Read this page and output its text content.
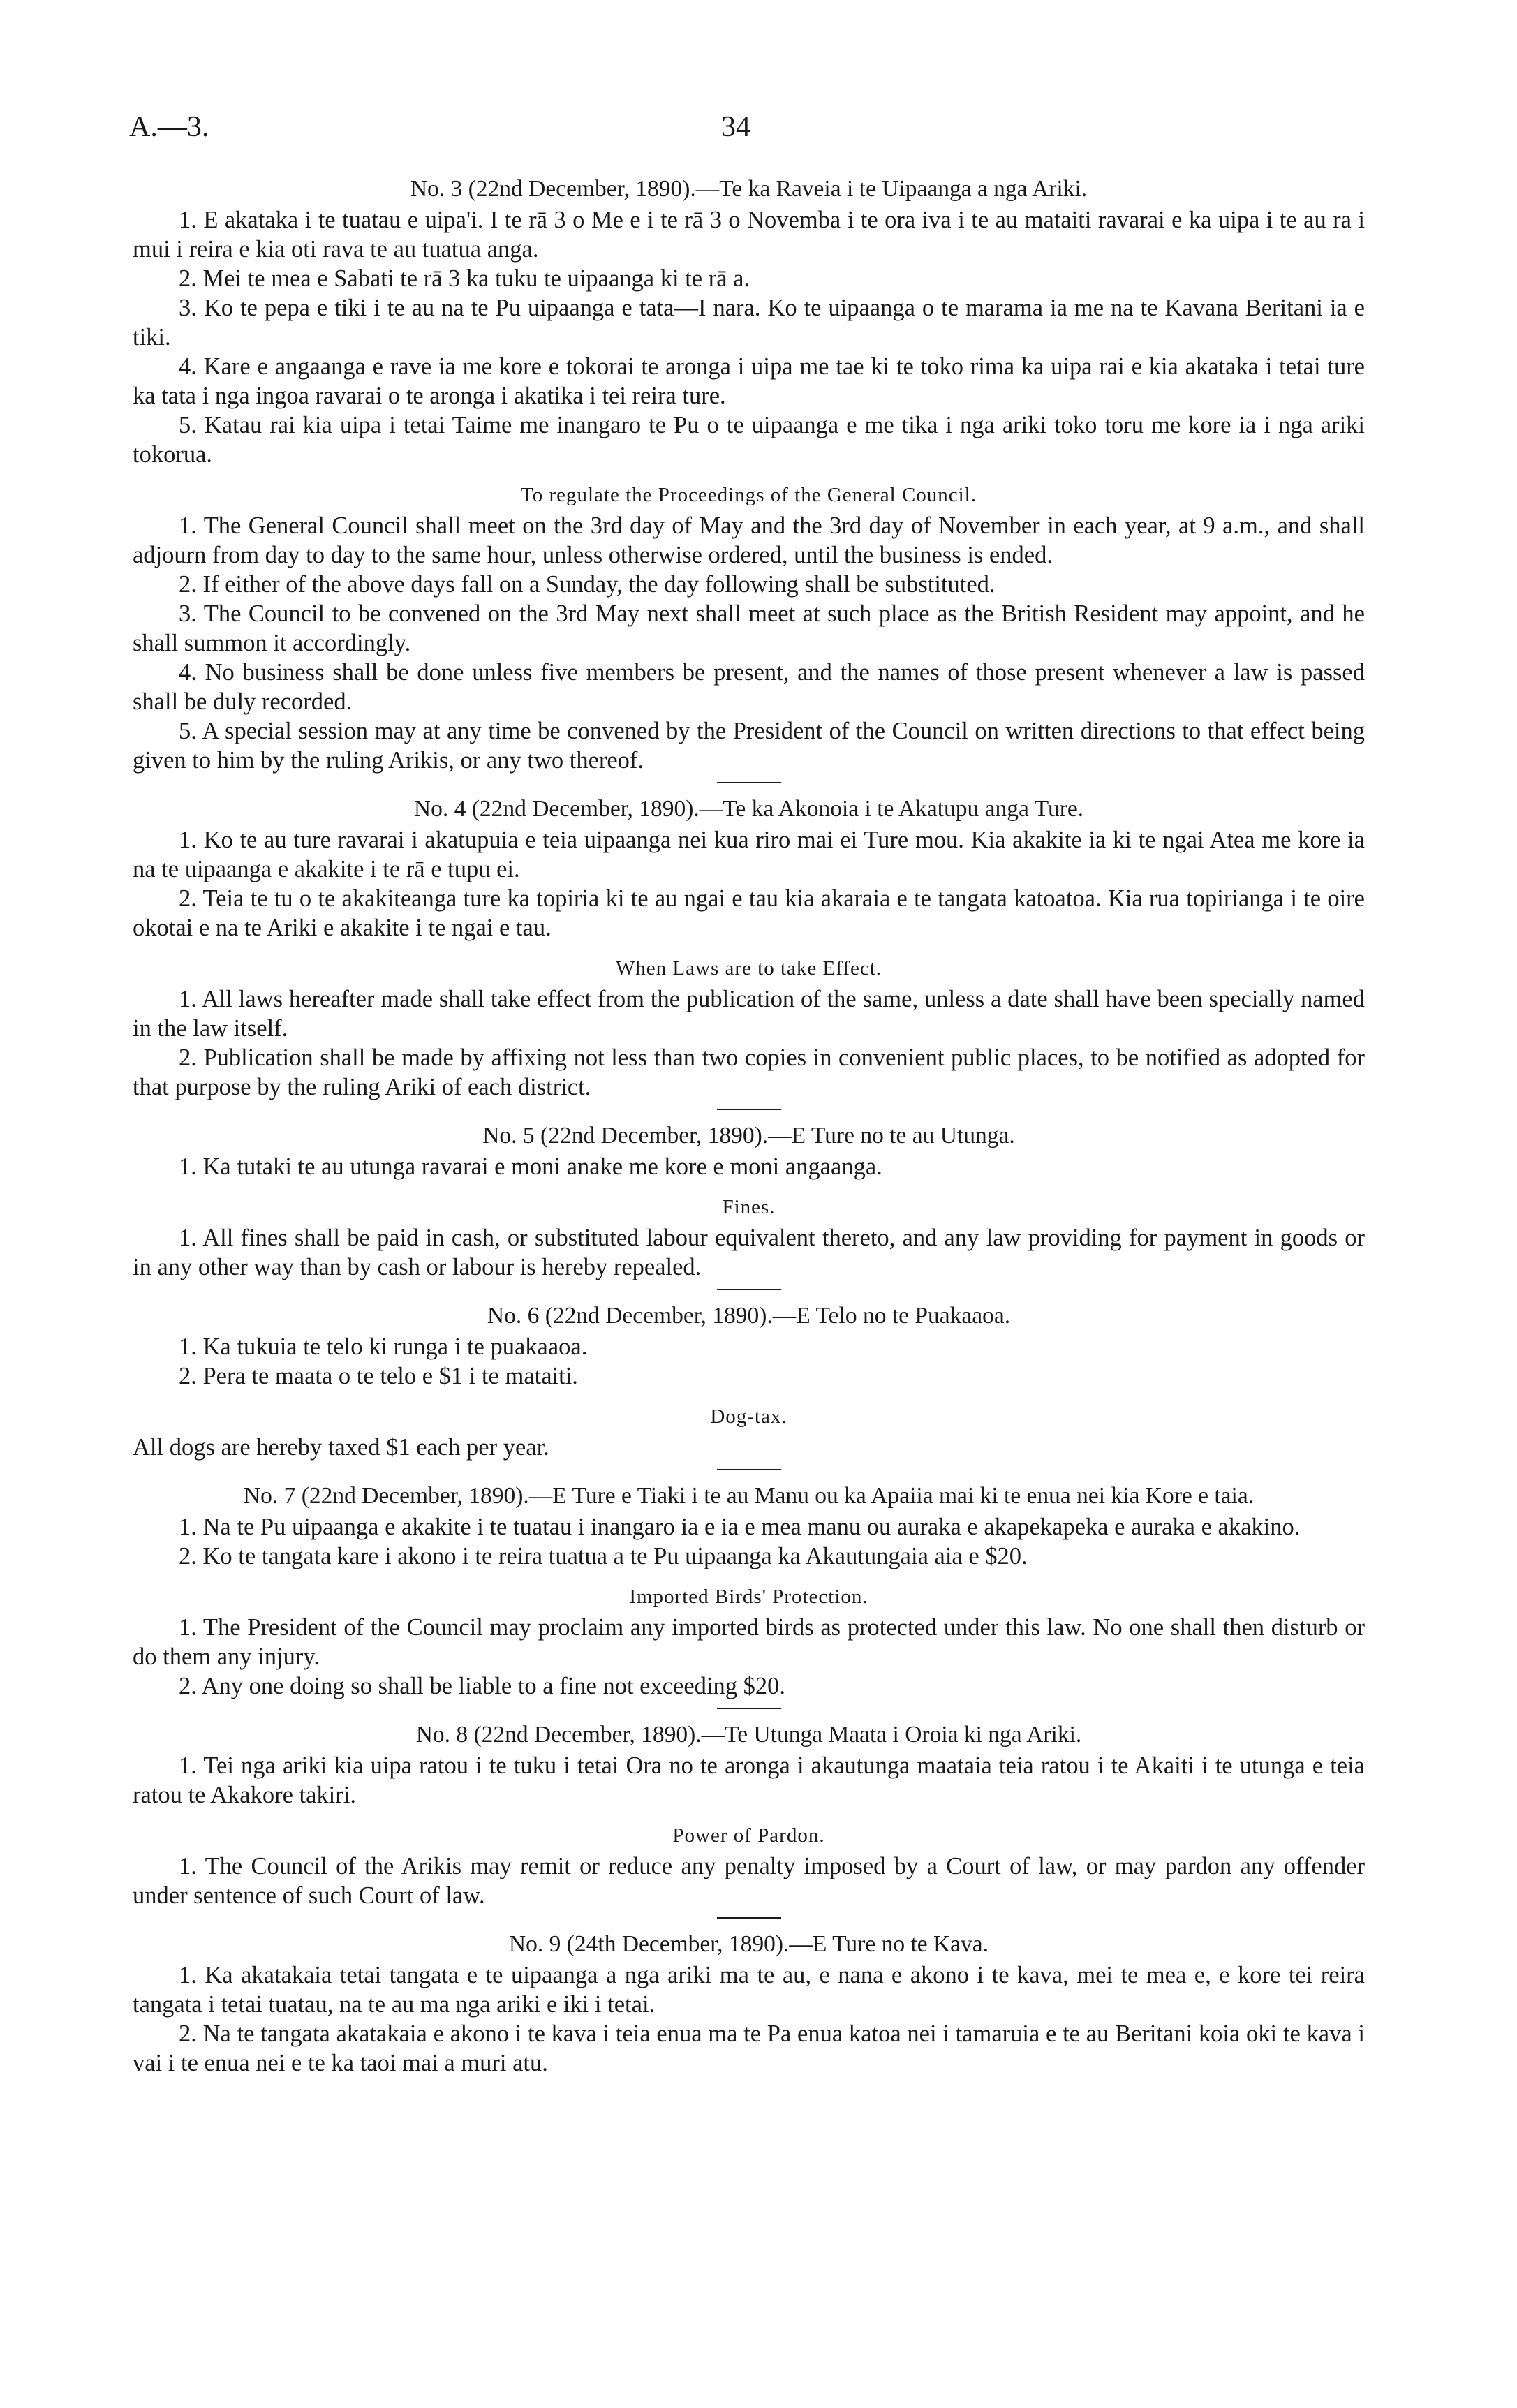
A.—3.	34

No. 3 (22nd December, 1890).—Te ka Raveia i te Uipaanga a nga Ariki.

1. E akataka i te tuatau e uipa'i. I te rā 3 o Me e i te rā 3 o Novemba i te ora iva i te au mataiti ravarai e ka uipa i te au ra i mui i reira e kia oti rava te au tuatua anga.

2. Mei te mea e Sabati te rā 3 ka tuku te uipaanga ki te rā a.

3. Ko te pepa e tiki i te au na te Pu uipaanga e tata—I nara. Ko te uipaanga o te marama ia me na te Kavana Beritani ia e tiki.

4. Kare e angaanga e rave ia me kore e tokorai te aronga i uipa me tae ki te toko rima ka uipa rai e kia akataka i tetai ture ka tata i nga ingoa ravarai o te aronga i akatika i tei reira ture.

5. Katau rai kia uipa i tetai Taime me inangaro te Pu o te uipaanga e me tika i nga ariki toko toru me kore ia i nga ariki tokorua.

To regulate the Proceedings of the General Council.

1. The General Council shall meet on the 3rd day of May and the 3rd day of November in each year, at 9 a.m., and shall adjourn from day to day to the same hour, unless otherwise ordered, until the business is ended.

2. If either of the above days fall on a Sunday, the day following shall be substituted.

3. The Council to be convened on the 3rd May next shall meet at such place as the British Resident may appoint, and he shall summon it accordingly.

4. No business shall be done unless five members be present, and the names of those present whenever a law is passed shall be duly recorded.

5. A special session may at any time be convened by the President of the Council on written directions to that effect being given to him by the ruling Arikis, or any two thereof.

No. 4 (22nd December, 1890).—Te ka Akonoia i te Akatupu anga Ture.

1. Ko te au ture ravarai i akatupuia e teia uipaanga nei kua riro mai ei Ture mou. Kia akakite ia ki te ngai Atea me kore ia na te uipaanga e akakite i te rā e tupu ei.

2. Teia te tu o te akakiteanga ture ka topiria ki te au ngai e tau kia akaraia e te tangata katoatoa. Kia rua topirianga i te oire okotai e na te Ariki e akakite i te ngai e tau.

When Laws are to take Effect.

1. All laws hereafter made shall take effect from the publication of the same, unless a date shall have been specially named in the law itself.

2. Publication shall be made by affixing not less than two copies in convenient public places, to be notified as adopted for that purpose by the ruling Ariki of each district.

No. 5 (22nd December, 1890).—E Ture no te au Utunga.

1. Ka tutaki te au utunga ravarai e moni anake me kore e moni angaanga.

Fines.

1. All fines shall be paid in cash, or substituted labour equivalent thereto, and any law providing for payment in goods or in any other way than by cash or labour is hereby repealed.

No. 6 (22nd December, 1890).—E Telo no te Puakaaoa.

1. Ka tukuia te telo ki runga i te puakaaoa.

2. Pera te maata o te telo e $1 i te mataiti.

Dog-tax.

All dogs are hereby taxed $1 each per year.

No. 7 (22nd December, 1890).—E Ture e Tiaki i te au Manu ou ka Apaiia mai ki te enua nei kia Kore e taia.

1. Na te Pu uipaanga e akakite i te tuatau i inangaro ia e ia e mea manu ou auraka e akapekapeka e auraka e akakino.

2. Ko te tangata kare i akono i te reira tuatua a te Pu uipaanga ka Akautungaia aia e $20.

Imported Birds' Protection.

1. The President of the Council may proclaim any imported birds as protected under this law. No one shall then disturb or do them any injury.

2. Any one doing so shall be liable to a fine not exceeding $20.

No. 8 (22nd December, 1890).—Te Utunga Maata i Oroia ki nga Ariki.

1. Tei nga ariki kia uipa ratou i te tuku i tetai Ora no te aronga i akautunga maataia teia ratou i te Akaiti i te utunga e teia ratou te Akakore takiri.

Power of Pardon.

1. The Council of the Arikis may remit or reduce any penalty imposed by a Court of law, or may pardon any offender under sentence of such Court of law.

No. 9 (24th December, 1890).—E Ture no te Kava.

1. Ka akatakaia tetai tangata e te uipaanga a nga ariki ma te au, e nana e akono i te kava, mei te mea e, e kore tei reira tangata i tetai tuatau, na te au ma nga ariki e iki i tetai.

2. Na te tangata akatakaia e akono i te kava i teia enua ma te Pa enua katoa nei i tamaruia e te au Beritani koia oki te kava i vai i te enua nei e te ka taoi mai a muri atu.
